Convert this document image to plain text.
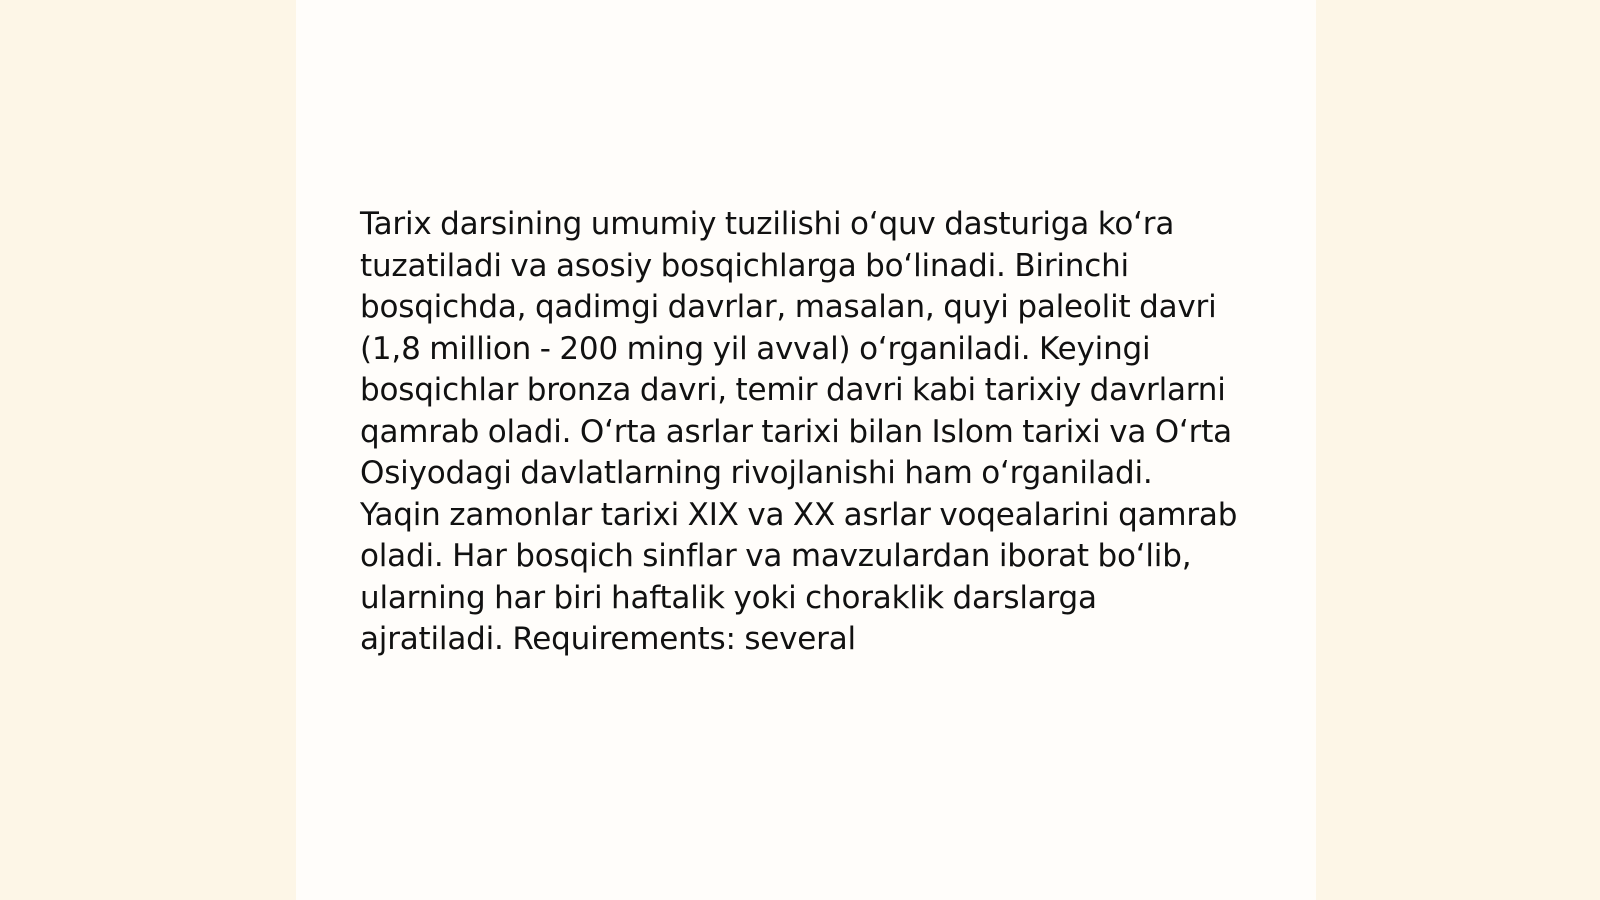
Tarix darsining umumiy tuzilishi o‘quv dasturiga ko‘ra tuzatiladi va asosiy bosqichlarga bo‘linadi. Birinchi bosqichda, qadimgi davrlar, masalan, quyi paleolit davri (1,8 million - 200 ming yil avval) o‘rganiladi. Keyingi bosqichlar bronza davri, temir davri kabi tarixiy davrlarni qamrab oladi. O‘rta asrlar tarixi bilan Islom tarixi va O‘rta Osiyodagi davlatlarning rivojlanishi ham o‘rganiladi. Yaqin zamonlar tarixi XIX va XX asrlar voqealarini qamrab oladi. Har bosqich sinflar va mavzulardan iborat bo‘lib, ularning har biri haftalik yoki choraklik darslarga ajratiladi. Requirements: several
